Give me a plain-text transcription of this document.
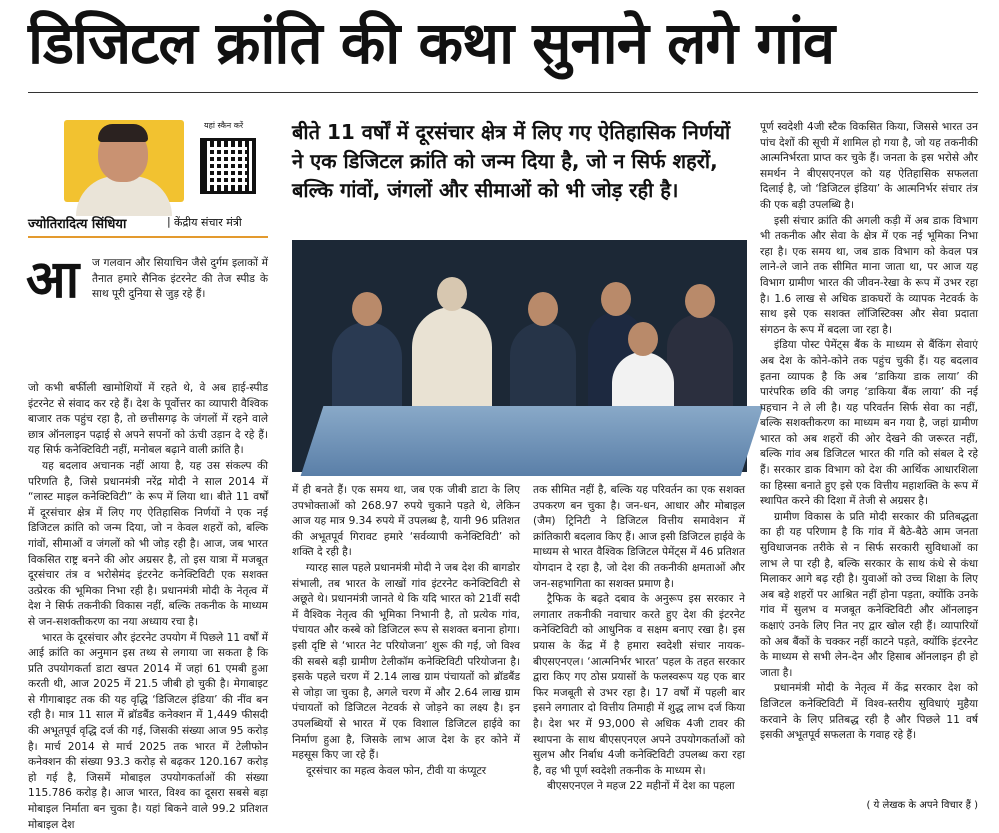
डिजिटल क्रांति की कथा सुनाने लगे गांव
यहां स्कैन करें
ज्योतिरादित्य सिंधिया	| केंद्रीय संचार मंत्री
बीते 11 वर्षों में दूरसंचार क्षेत्र में लिए गए ऐतिहासिक निर्णयों ने एक डिजिटल क्रांति को जन्म दिया है, जो न सिर्फ शहरों, बल्कि गांवों, जंगलों और सीमाओं को भी जोड़ रही है।
आ ज गलवान और सियाचिन जैसे दुर्गम इलाकों में तैनात हमारे सैनिक इंटरनेट की तेज स्पीड के साथ पूरी दुनिया से जुड़ रहे हैं।

जो कभी बर्फीली खामोशियों में रहते थे, वे अब हाई-स्पीड इंटरनेट से संवाद कर रहे हैं। देश के पूर्वोत्तर का व्यापारी वैश्विक बाजार तक पहुंच रहा है, तो छत्तीसगढ़ के जंगलों में रहने वाले छात्र ऑनलाइन पढ़ाई से अपने सपनों को ऊंची उड़ान दे रहे हैं। यह सिर्फ कनेक्टिविटी नहीं, मनोबल बढ़ाने वाली क्रांति है।

यह बदलाव अचानक नहीं आया है, यह उस संकल्प की परिणति है, जिसे प्रधानमंत्री नरेंद्र मोदी ने साल 2014 में “लास्ट माइल कनेक्टिविटी” के रूप में लिया था। बीते 11 वर्षों में दूरसंचार क्षेत्र में लिए गए ऐतिहासिक निर्णयों ने एक नई डिजिटल क्रांति को जन्म दिया, जो न केवल शहरों को, बल्कि गांवों, सीमाओं व जंगलों को भी जोड़ रही है। आज, जब भारत विकसित राष्ट्र बनने की ओर अग्रसर है, तो इस यात्रा में मजबूत दूरसंचार तंत्र व भरोसेमंद इंटरनेट कनेक्टिविटी एक सशक्त उत्प्रेरक की भूमिका निभा रही है। प्रधानमंत्री मोदी के नेतृत्व में देश ने सिर्फ तकनीकी विकास नहीं, बल्कि तकनीक के माध्यम से जन-सशक्तीकरण का नया अध्याय रचा है।

भारत के दूरसंचार और इंटरनेट उपयोग में पिछले 11 वर्षों में आई क्रांति का अनुमान इस तथ्य से लगाया जा सकता है कि प्रति उपयोगकर्ता डाटा खपत 2014 में जहां 61 एमबी हुआ करती थी, आज 2025 में 21.5 जीबी हो चुकी है। मेगाबाइट से गीगाबाइट तक की यह वृद्धि ‘डिजिटल इंडिया’ की नींव बन रही है। मात्र 11 साल में ब्रॉडबैंड कनेक्शन में 1,449 फीसदी की अभूतपूर्व वृद्धि दर्ज की गई, जिसकी संख्या आज 95 करोड़ है। मार्च 2014 से मार्च 2025 तक भारत में टेलीफोन कनेक्शन की संख्या 93.3 करोड़ से बढ़कर 120.167 करोड़ हो गई है, जिसमें मोबाइल उपयोगकर्ताओं की संख्या 115.786 करोड़ है। आज भारत, विश्व का दूसरा सबसे बड़ा मोबाइल निर्माता बन चुका है। यहां बिकने वाले 99.2 प्रतिशत मोबाइल देश

में ही बनते हैं। एक समय था, जब एक जीबी डाटा के लिए उपभोक्ताओं को 268.97 रुपये चुकाने पड़ते थे, लेकिन आज यह मात्र 9.34 रुपये में उपलब्ध है, यानी 96 प्रतिशत की अभूतपूर्व गिरावट हमारे ‘सर्वव्यापी कनेक्टिविटी’ को शक्ति दे रही है।

ग्यारह साल पहले प्रधानमंत्री मोदी ने जब देश की बागडोर संभाली, तब भारत के लाखों गांव इंटरनेट कनेक्टिविटी से अछूते थे। प्रधानमंत्री जानते थे कि यदि भारत को 21वीं सदी में वैश्विक नेतृत्व की भूमिका निभानी है, तो प्रत्येक गांव, पंचायत और कस्बे को डिजिटल रूप से सशक्त बनाना होगा। इसी दृष्टि से ‘भारत नेट परियोजना’ शुरू की गई, जो विश्व की सबसे बड़ी ग्रामीण टेलीकॉम कनेक्टिविटी परियोजना है। इसके पहले चरण में 2.14 लाख ग्राम पंचायतों को ब्रॉडबैंड से जोड़ा जा चुका है, अगले चरण में और 2.64 लाख ग्राम पंचायतों को डिजिटल नेटवर्क से जोड़ने का लक्ष्य है। इन उपलब्धियों से भारत में एक विशाल डिजिटल हाईवे का निर्माण हुआ है, जिसके लाभ आज देश के हर कोने में महसूस किए जा रहे हैं।

दूरसंचार का महत्व केवल फोन, टीवी या कंप्यूटर

तक सीमित नहीं है, बल्कि यह परिवर्तन का एक सशक्त उपकरण बन चुका है। जन-धन, आधार और मोबाइल (जैम) ट्रिनिटी ने डिजिटल वित्तीय समावेशन में क्रांतिकारी बदलाव किए हैं। आज इसी डिजिटल हाईवे के माध्यम से भारत वैश्विक डिजिटल पेमेंट्स में 46 प्रतिशत योगदान दे रहा है, जो देश की तकनीकी क्षमताओं और जन-सहभागिता का सशक्त प्रमाण है।

ट्रैफिक के बढ़ते दबाव के अनुरूप इस सरकार ने लगातार तकनीकी नवाचार करते हुए देश की इंटरनेट कनेक्टिविटी को आधुनिक व सक्षम बनाए रखा है। इस प्रयास के केंद्र में है हमारा स्वदेशी संचार नायक-बीएसएनएल। ‘आत्मनिर्भर भारत’ पहल के तहत सरकार द्वारा किए गए ठोस प्रयासों के फलस्वरूप यह एक बार फिर मजबूती से उभर रहा है। 17 वर्षों में पहली बार इसने लगातार दो वित्तीय तिमाही में शुद्ध लाभ दर्ज किया है। देश भर में 93,000 से अधिक 4जी टावर की स्थापना के साथ बीएसएनएल अपने उपयोगकर्ताओं को सुलभ और निर्बाध 4जी कनेक्टिविटी उपलब्ध करा रहा है, वह भी पूर्ण स्वदेशी तकनीक के माध्यम से।

बीएसएनएल ने महज 22 महीनों में देश का पहला

पूर्ण स्वदेशी 4जी स्टैक विकसित किया, जिससे भारत उन पांच देशों की सूची में शामिल हो गया है, जो यह तकनीकी आत्मनिर्भरता प्राप्त कर चुके हैं। जनता के इस भरोसे और समर्थन ने बीएसएनएल को यह ऐतिहासिक सफलता दिलाई है, जो ‘डिजिटल इंडिया’ के आत्मनिर्भर संचार तंत्र की एक बड़ी उपलब्धि है।

इसी संचार क्रांति की अगली कड़ी में अब डाक विभाग भी तकनीक और सेवा के क्षेत्र में एक नई भूमिका निभा रहा है। एक समय था, जब डाक विभाग को केवल पत्र लाने-ले जाने तक सीमित माना जाता था, पर आज यह विभाग ग्रामीण भारत की जीवन-रेखा के रूप में उभर रहा है। 1.6 लाख से अधिक डाकघरों के व्यापक नेटवर्क के साथ इसे एक सशक्त लॉजिस्टिक्स और सेवा प्रदाता संगठन के रूप में बदला जा रहा है।

इंडिया पोस्ट पेमेंट्स बैंक के माध्यम से बैंकिंग सेवाएं अब देश के कोने-कोने तक पहुंच चुकी हैं। यह बदलाव इतना व्यापक है कि अब ‘डाकिया डाक लाया’ की पारंपरिक छवि की जगह ‘डाकिया बैंक लाया’ की नई पहचान ने ले ली है। यह परिवर्तन सिर्फ सेवा का नहीं, बल्कि सशक्तीकरण का माध्यम बन गया है, जहां ग्रामीण भारत को अब शहरों की ओर देखने की जरूरत नहीं, बल्कि गांव अब डिजिटल भारत की गति को संबल दे रहे हैं। सरकार डाक विभाग को देश की आर्थिक आधारशिला का हिस्सा बनाते हुए इसे एक वित्तीय महाशक्ति के रूप में स्थापित करने की दिशा में तेजी से अग्रसर है।

ग्रामीण विकास के प्रति मोदी सरकार की प्रतिबद्धता का ही यह परिणाम है कि गांव में बैठे-बैठे आम जनता सुविधाजनक तरीके से न सिर्फ सरकारी सुविधाओं का लाभ ले पा रही है, बल्कि सरकार के साथ कंधे से कंधा मिलाकर आगे बढ़ रही है। युवाओं को उच्च शिक्षा के लिए अब बड़े शहरों पर आश्रित नहीं होना पड़ता, क्योंकि उनके गांव में सुलभ व मजबूत कनेक्टिविटी और ऑनलाइन कक्षाएं उनके लिए नित नए द्वार खोल रही हैं। व्यापारियों को अब बैंकों के चक्कर नहीं काटने पड़ते, क्योंकि इंटरनेट के माध्यम से सभी लेन-देन और हिसाब ऑनलाइन ही हो जाता है।

प्रधानमंत्री मोदी के नेतृत्व में केंद्र सरकार देश को डिजिटल कनेक्टिविटी में विश्व-स्तरीय सुविधाएं मुहैया करवाने के लिए प्रतिबद्ध रही है और पिछले 11 वर्ष इसकी अभूतपूर्व सफलता के गवाह रहे हैं।

( ये लेखक के अपने विचार हैं )
